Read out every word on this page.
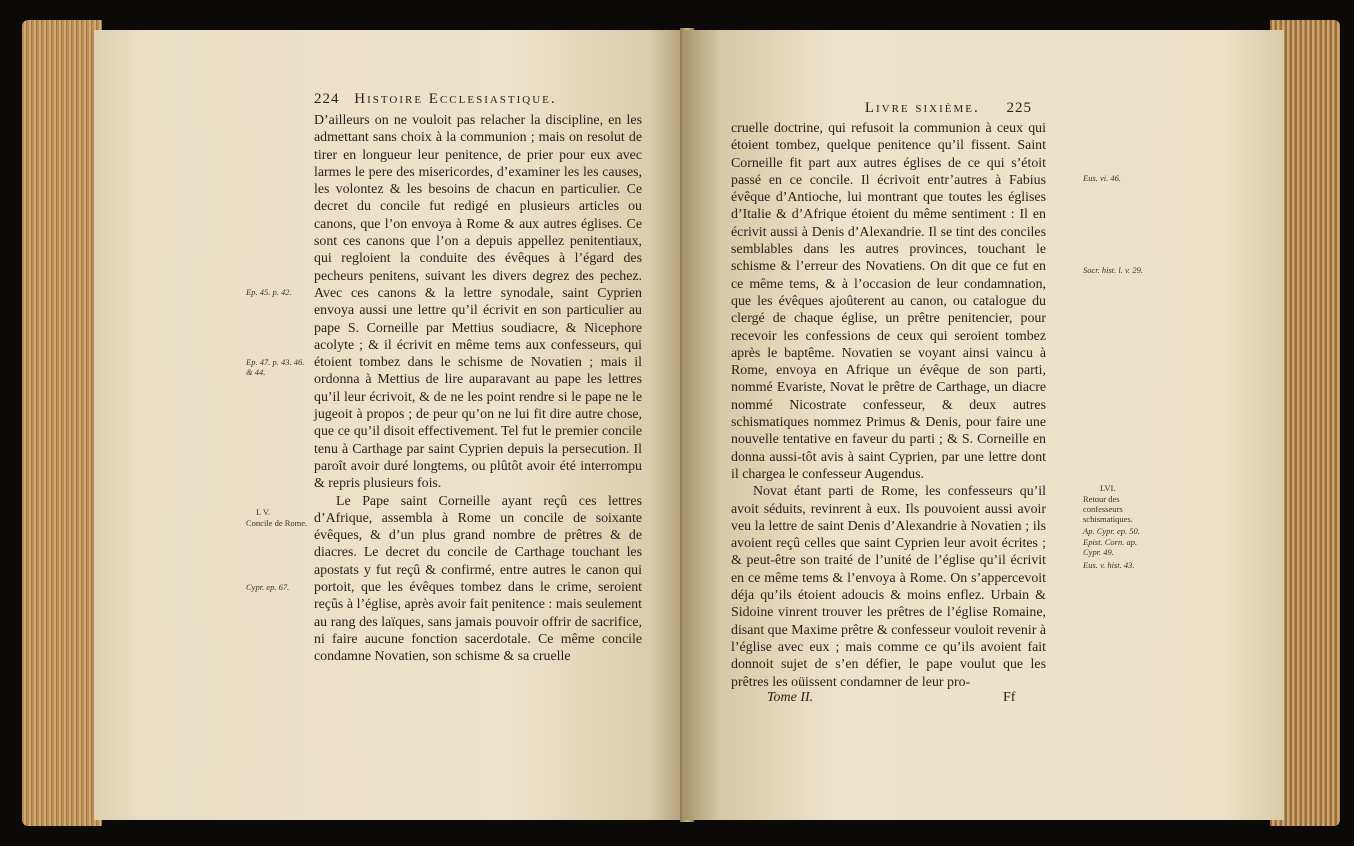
224 Histoire Ecclesiastique.

D’ailleurs on ne vouloit pas relacher la discipline, en les admettant sans choix à la communion ; mais on resolut de tirer en longueur leur penitence, de prier pour eux avec larmes le pere des misericordes, d’examiner les les causes, les volontez & les besoins de chacun en particulier. Ce decret du concile fut redigé en plusieurs articles ou canons, que l’on envoya à Rome & aux autres églises. Ce sont ces canons que l’on a depuis appellez penitentiaux, qui regloient la conduite des évêques à l’égard des pecheurs penitens, suivant les divers degrez des pechez. Avec ces canons & la lettre synodale, saint Cyprien envoya aussi une lettre qu’il écrivit en son particulier au pape S. Corneille par Mettius soudiacre, & Nicephore acolyte ; & il écrivit en même tems aux confesseurs, qui étoient tombez dans le schisme de Novatien ; mais il ordonna à Mettius de lire auparavant au pape les lettres qu’il leur écrivoit, & de ne les point rendre si le pape ne le jugeoit à propos ; de peur qu’on ne lui fit dire autre chose, que ce qu’il disoit effectivement. Tel fut le premier concile tenu à Carthage par saint Cyprien depuis la persecution. Il paroît avoir duré longtems, ou plûtôt avoir été interrompu & repris plusieurs fois.

Le Pape saint Corneille ayant reçû ces lettres d’Afrique, assembla à Rome un concile de soixante évêques, & d’un plus grand nombre de prêtres & de diacres. Le decret du concile de Carthage touchant les apostats y fut reçû & confirmé, entre autres le canon qui portoit, que les évêques tombez dans le crime, seroient reçûs à l’église, après avoir fait penitence : mais seulement au rang des laïques, sans jamais pouvoir offrir de sacrifice, ni faire aucune fonction sacerdotale. Ce même concile condamne Novatien, son schisme & sa cruelle

Ep. 45. p. 42.
Ep. 47. p. 43. 46. & 44.
L V.
Concile de Rome.
Cypr. ep. 67.
Livre sixième. 225

cruelle doctrine, qui refusoit la communion à ceux qui étoient tombez, quelque penitence qu’il fissent. Saint Corneille fit part aux autres églises de ce qui s’étoit passé en ce concile. Il écrivoit entr’autres à Fabius évêque d’Antioche, lui montrant que toutes les églises d’Italie & d’Afrique étoient du même sentiment : Il en écrivit aussi à Denis d’Alexandrie. Il se tint des conciles semblables dans les autres provinces, touchant le schisme & l’erreur des Novatiens. On dit que ce fut en ce même tems, & à l’occasion de leur condamnation, que les évêques ajoûterent au canon, ou catalogue du clergé de chaque église, un prêtre penitencier, pour recevoir les confessions de ceux qui seroient tombez après le baptême. Novatien se voyant ainsi vaincu à Rome, envoya en Afrique un évêque de son parti, nommé Evariste, Novat le prêtre de Carthage, un diacre nommé Nicostrate confesseur, & deux autres schismatiques nommez Primus & Denis, pour faire une nouvelle tentative en faveur du parti ; & S. Corneille en donna aussi-tôt avis à saint Cyprien, par une lettre dont il chargea le confesseur Augendus.

Novat étant parti de Rome, les confesseurs qu’il avoit séduits, revinrent à eux. Ils pouvoient aussi avoir veu la lettre de saint Denis d’Alexandrie à Novatien ; ils avoient reçû celles que saint Cyprien leur avoit écrites ; & peut-être son traité de l’unité de l’église qu’il écrivit en ce même tems & l’envoya à Rome. On s’appercevoit déja qu’ils étoient adoucis & moins enflez. Urbain & Sidoine vinrent trouver les prêtres de l’église Romaine, disant que Maxime prêtre & confesseur vouloit revenir à l’église avec eux ; mais comme ce qu’ils avoient fait donnoit sujet de s’en défier, le pape voulut que les prêtres les oüissent condamner de leur pro-

Eus. vi. 46.
Socr. hist. l. v. 29.
LVI.
Retour des confesseurs schismatiques.
Ap. Cypr. ep. 50.
Epist. Corn. ap. Cypr. 49.
Eus. v. hist. 43.
Tome II.	Ff
